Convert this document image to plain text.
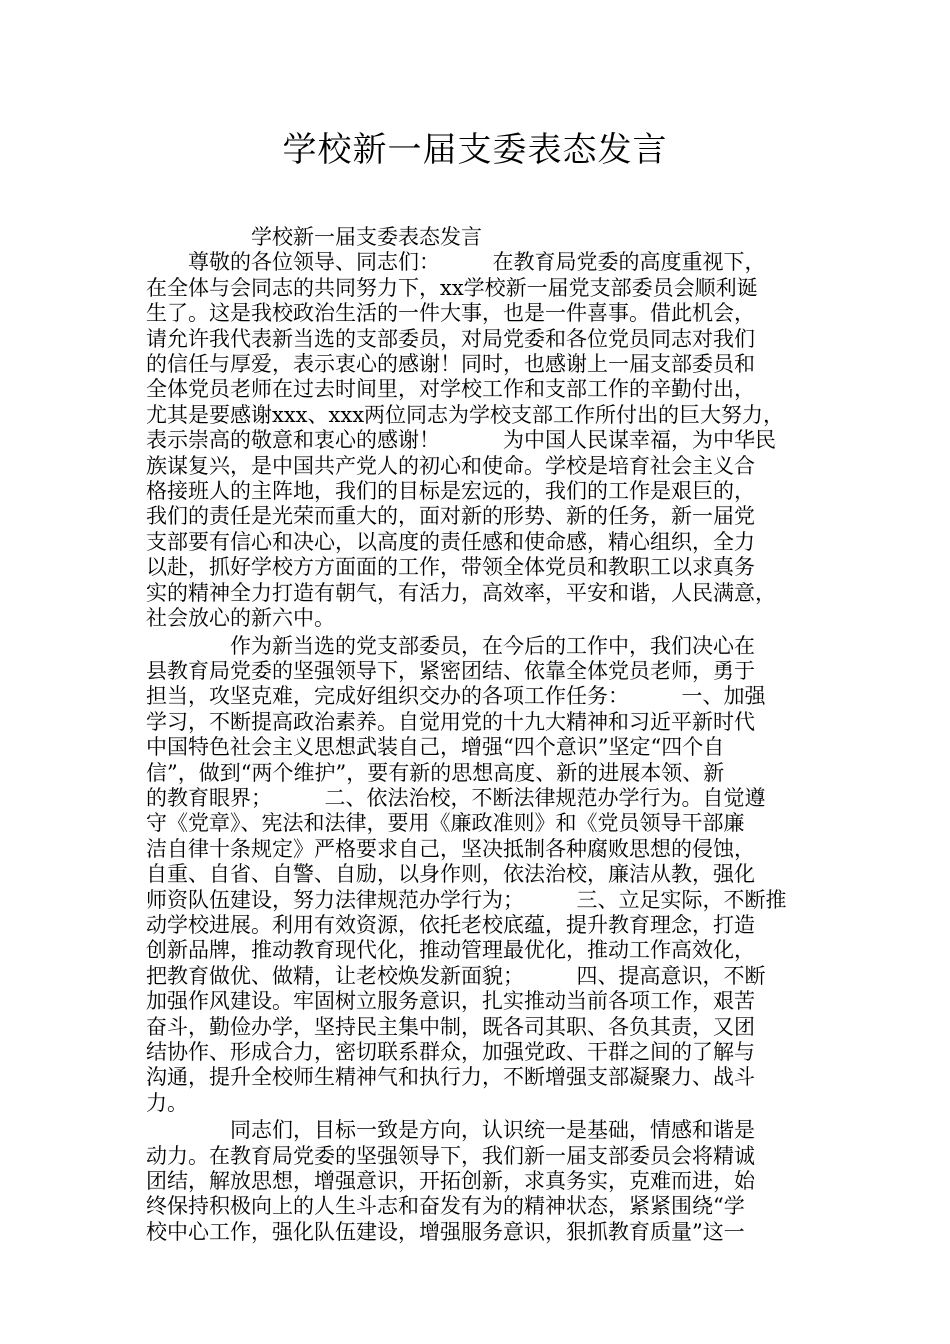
学校新一届支委表态发言
　　　　　学校新一届支委表态发言
　　尊敬的各位领导、同志们：　　　在教育局党委的高度重视下，
在全体与会同志的共同努力下，xx学校新一届党支部委员会顺利诞
生了。这是我校政治生活的一件大事，也是一件喜事。借此机会，
请允许我代表新当选的支部委员，对局党委和各位党员同志对我们
的信任与厚爱，表示衷心的感谢！同时，也感谢上一届支部委员和
全体党员老师在过去时间里，对学校工作和支部工作的辛勤付出，
尤其是要感谢xxx、xxx两位同志为学校支部工作所付出的巨大努力，
表示崇高的敬意和衷心的感谢！　　　为中国人民谋幸福，为中华民
族谋复兴，是中国共产党人的初心和使命。学校是培育社会主义合
格接班人的主阵地，我们的目标是宏远的，我们的工作是艰巨的，
我们的责任是光荣而重大的，面对新的形势、新的任务，新一届党
支部要有信心和决心，以高度的责任感和使命感，精心组织，全力
以赴，抓好学校方方面面的工作，带领全体党员和教职工以求真务
实的精神全力打造有朝气，有活力，高效率，平安和谐，人民满意，
社会放心的新六中。
　　　　作为新当选的党支部委员，在今后的工作中，我们决心在
县教育局党委的坚强领导下，紧密团结、依靠全体党员老师，勇于
担当，攻坚克难，完成好组织交办的各项工作任务：　　　一、加强
学习，不断提高政治素养。自觉用党的十九大精神和习近平新时代
中国特色社会主义思想武装自己，增强“四个意识”坚定“四个自
信”，做到“两个维护”，要有新的思想高度、新的进展本领、新
的教育眼界；　　　二、依法治校，不断法律规范办学行为。自觉遵
守《党章》、宪法和法律，要用《廉政准则》和《党员领导干部廉
洁自律十条规定》严格要求自己，坚决抵制各种腐败思想的侵蚀，
自重、自省、自警、自励，以身作则，依法治校，廉洁从教，强化
师资队伍建设，努力法律规范办学行为；　　　三、立足实际，不断推
动学校进展。利用有效资源，依托老校底蕴，提升教育理念，打造
创新品牌，推动教育现代化，推动管理最优化，推动工作高效化，
把教育做优、做精，让老校焕发新面貌；　　　四、提高意识，不断
加强作风建设。牢固树立服务意识，扎实推动当前各项工作，艰苦
奋斗，勤俭办学，坚持民主集中制，既各司其职、各负其责，又团
结协作、形成合力，密切联系群众，加强党政、干群之间的了解与
沟通，提升全校师生精神气和执行力，不断增强支部凝聚力、战斗
力。
　　　　同志们，目标一致是方向，认识统一是基础，情感和谐是
动力。在教育局党委的坚强领导下，我们新一届支部委员会将精诚
团结，解放思想，增强意识，开拓创新，求真务实，克难而进，始
终保持积极向上的人生斗志和奋发有为的精神状态，紧紧围绕“学
校中心工作，强化队伍建设，增强服务意识，狠抓教育质量”这一
